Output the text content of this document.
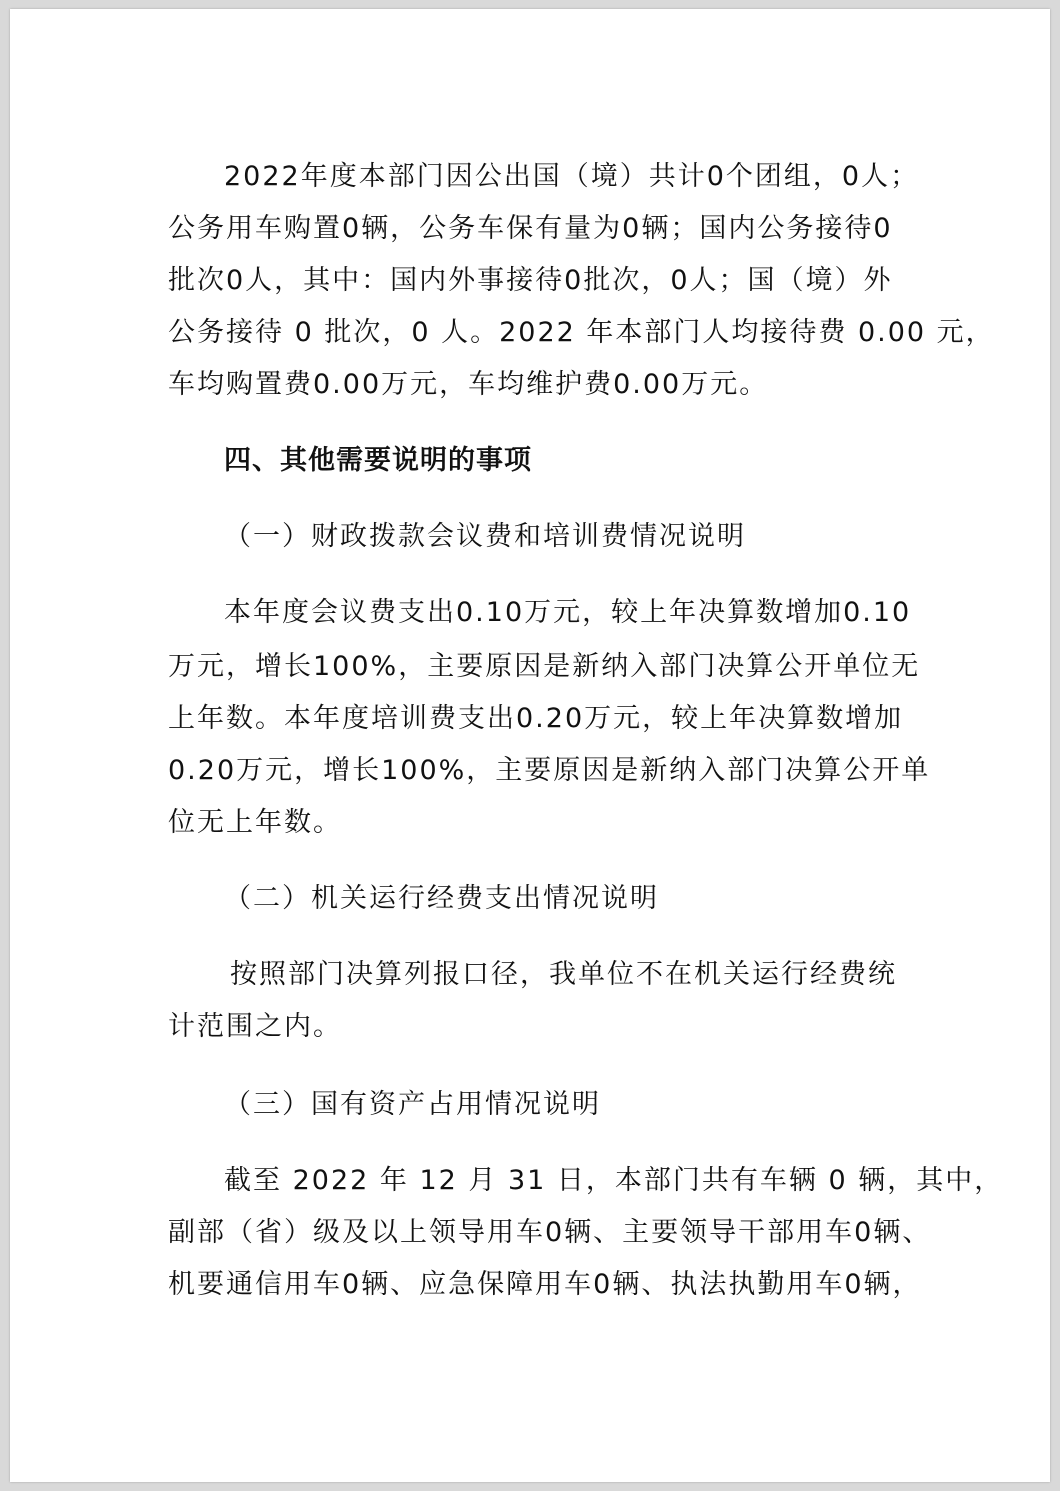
2022年度本部门因公出国（境）共计0个团组，0人；
公务用车购置0辆，公务车保有量为0辆；国内公务接待0
批次0人，其中：国内外事接待0批次，0人；国（境）外
公务接待 0 批次，0 人。2022 年本部门人均接待费 0.00 元，
车均购置费0.00万元，车均维护费0.00万元。
四、其他需要说明的事项
（一）财政拨款会议费和培训费情况说明
本年度会议费支出0.10万元，较上年决算数增加0.10
万元，增长100%，主要原因是新纳入部门决算公开单位无
上年数。本年度培训费支出0.20万元，较上年决算数增加
0.20万元，增长100%，主要原因是新纳入部门决算公开单
位无上年数。
（二）机关运行经费支出情况说明
按照部门决算列报口径，我单位不在机关运行经费统
计范围之内。
（三）国有资产占用情况说明
截至 2022 年 12 月 31 日，本部门共有车辆 0 辆，其中，
副部（省）级及以上领导用车0辆、主要领导干部用车0辆、
机要通信用车0辆、应急保障用车0辆、执法执勤用车0辆，
